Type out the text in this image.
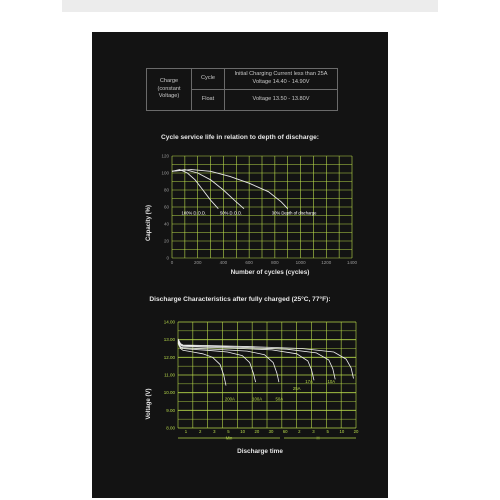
Charge (constant Voltage)	Cycle	Initial Charging Current less than 25A
Voltage 14.40 - 14.90V

	Float	Voltage 13.50 - 13.80V
Cycle service life in relation to depth of discharge:
Capacity (%)
Number of cycles (cycles)
Discharge Characteristics after fully charged (25°C, 77°F):
Voltage (V)
Discharge time
0	200	400	600	800	1000	1200	1400
0
20
40
60
80
100
120
100% D.O.D.	50% D.O.D.	30% Depth of discharge
8.00
9.00
10.00
11.00
12.00
13.00
14.00
1	2	3	5 10 20 30 60 2	3	5 10 20
Min	H
200A	100A	50A
25A
17A	10A
